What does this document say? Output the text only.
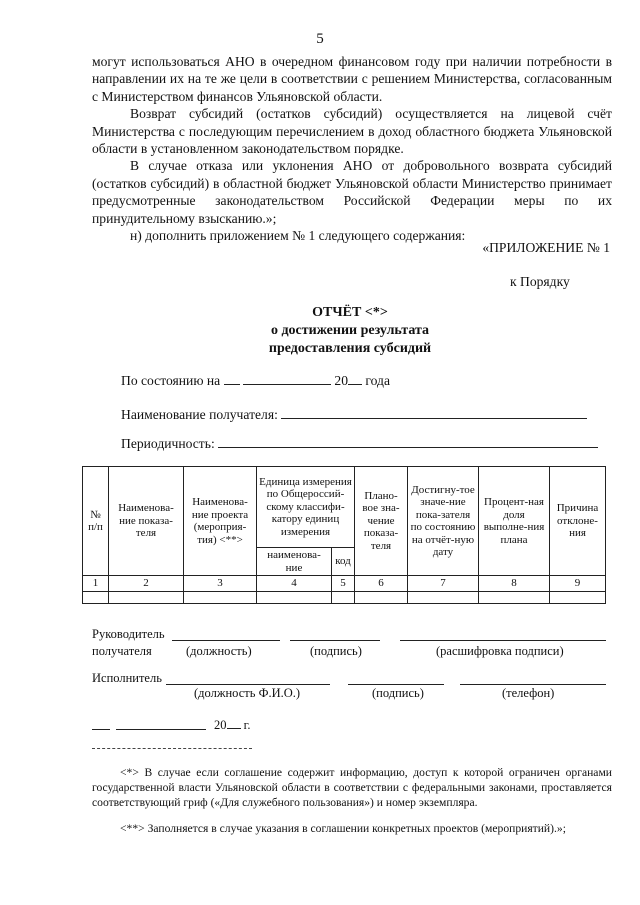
5

могут использоваться АНО в очередном финансовом году при наличии потребности в направлении их на те же цели в соответствии с решением Министерства, согласованным с Министерством финансов Ульяновской области.

Возврат субсидий (остатков субсидий) осуществляется на лицевой счёт Министерства с последующим перечислением в доход областного бюджета Ульяновской области в установленном законодательством порядке.

В случае отказа или уклонения АНО от добровольного возврата субсидий (остатков субсидий) в областной бюджет Ульяновской области Министерство принимает предусмотренные законодательством Российской Федерации меры по их принудительному взысканию.»;

н) дополнить приложением № 1 следующего содержания:

«ПРИЛОЖЕНИЕ № 1
к Порядку
ОТЧЁТ <*>
о достижении результата
предоставления субсидий
По состоянию на	20 года
Наименование получателя:
Периодичность:
№ п/п	Наименова-ние показа-теля	Наименова-ние проекта (мероприя-тия) <**>	Единица измерения по Общероссий-скому классифи-катору единиц измерения		Плано-вое зна-чение показа-теля	Достигну-тое значе-ние пока-зателя по состоянию на отчёт-ную дату	Процент-ная доля выполне-ния плана	Причина отклоне-ния
			наименова-ние	код				
1	2	3	4	5	6	7	8	9

Руководитель
получателя	(должность)	(подпись)	(расшифровка подписи)
Исполнитель
(должность Ф.И.О.)	(подпись)	(телефон)
20 г.
<*> В случае если соглашение содержит информацию, доступ к которой ограничен органами государственной власти Ульяновской области в соответствии с федеральными законами, проставляется соответствующий гриф («Для служебного пользования») и номер экземпляра.
<**> Заполняется в случае указания в соглашении конкретных проектов (мероприятий).»;
